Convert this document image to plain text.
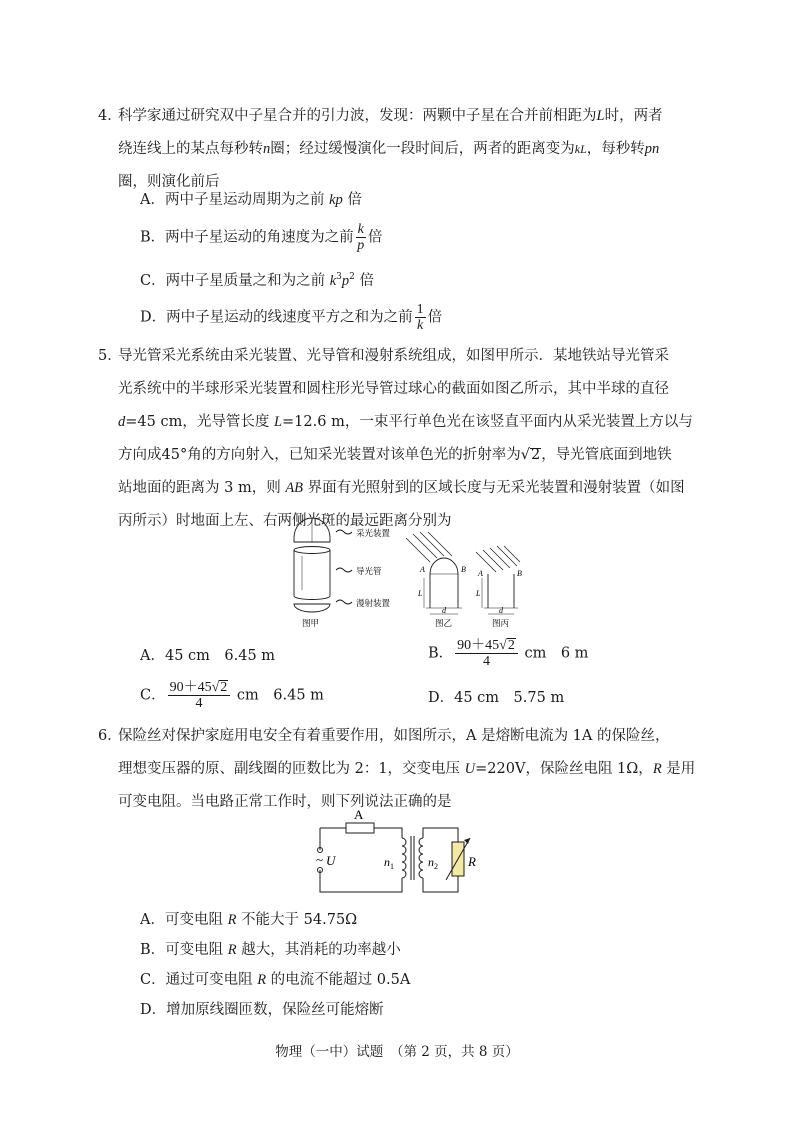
4．
科学家通过研究双中子星合并的引力波，发现：两颗中子星在合并前相距为L时，两者
绕连线上的某点每秒转n圈；经过缓慢演化一段时间后，两者的距离变为kL，每秒转pn
圈，则演化前后
A．两中子星运动周期为之前 kp 倍
B．两中子星运动的角速度为之前 $\frac{k}{p}$ 倍
C．两中子星质量之和为之前 $k^3p^2$ 倍
D．两中子星运动的线速度平方之和为之前 $\frac{1}{k}$ 倍
5．
导光管采光系统由采光装置、光导管和漫射系统组成，如图甲所示．某地铁站导光管采
光系统中的半球形采光装置和圆柱形光导管过球心的截面如图乙所示，其中半球的直径
d=45 cm，光导管长度 L=12.6 m，一束平行单色光在该竖直平面内从采光装置上方以与
方向成45°角的方向射入，已知采光装置对该单色光的折射率为√2，导光管底面到地铁
站地面的距离为 3 m，则 AB 界面有光照射到的区域长度与无采光装置和漫射装置（如图
丙所示）时地面上左、右两侧光斑的最远距离分别为
采光装置
导光管
漫射装置
图甲	图乙	图丙
A	B
L
d
A	B
L
d
A．45 cm　6.45 m	B． $\frac{90+45√2}{4}$ cm　6 m
C． $\frac{90+45√2}{4}$ cm　6.45 m	D．45 cm　5.75 m
6．
保险丝对保护家庭用电安全有着重要作用，如图所示，A 是熔断电流为 1A 的保险丝，
理想变压器的原、副线圈的匝数比为 2：1，交变电压 U=220V，保险丝电阻 1Ω，R 是用
可变电阻。当电路正常工作时，则下列说法正确的是
A
~ U	$n_1$	$n_2$ R
A．可变电阻 R 不能大于 54.75Ω
B．可变电阻 R 越大，其消耗的功率越小
C．通过可变电阻 R 的电流不能超过 0.5A
D．增加原线圈匝数，保险丝可能熔断
物理（一中）试题　（第 2 页，共 8 页）
